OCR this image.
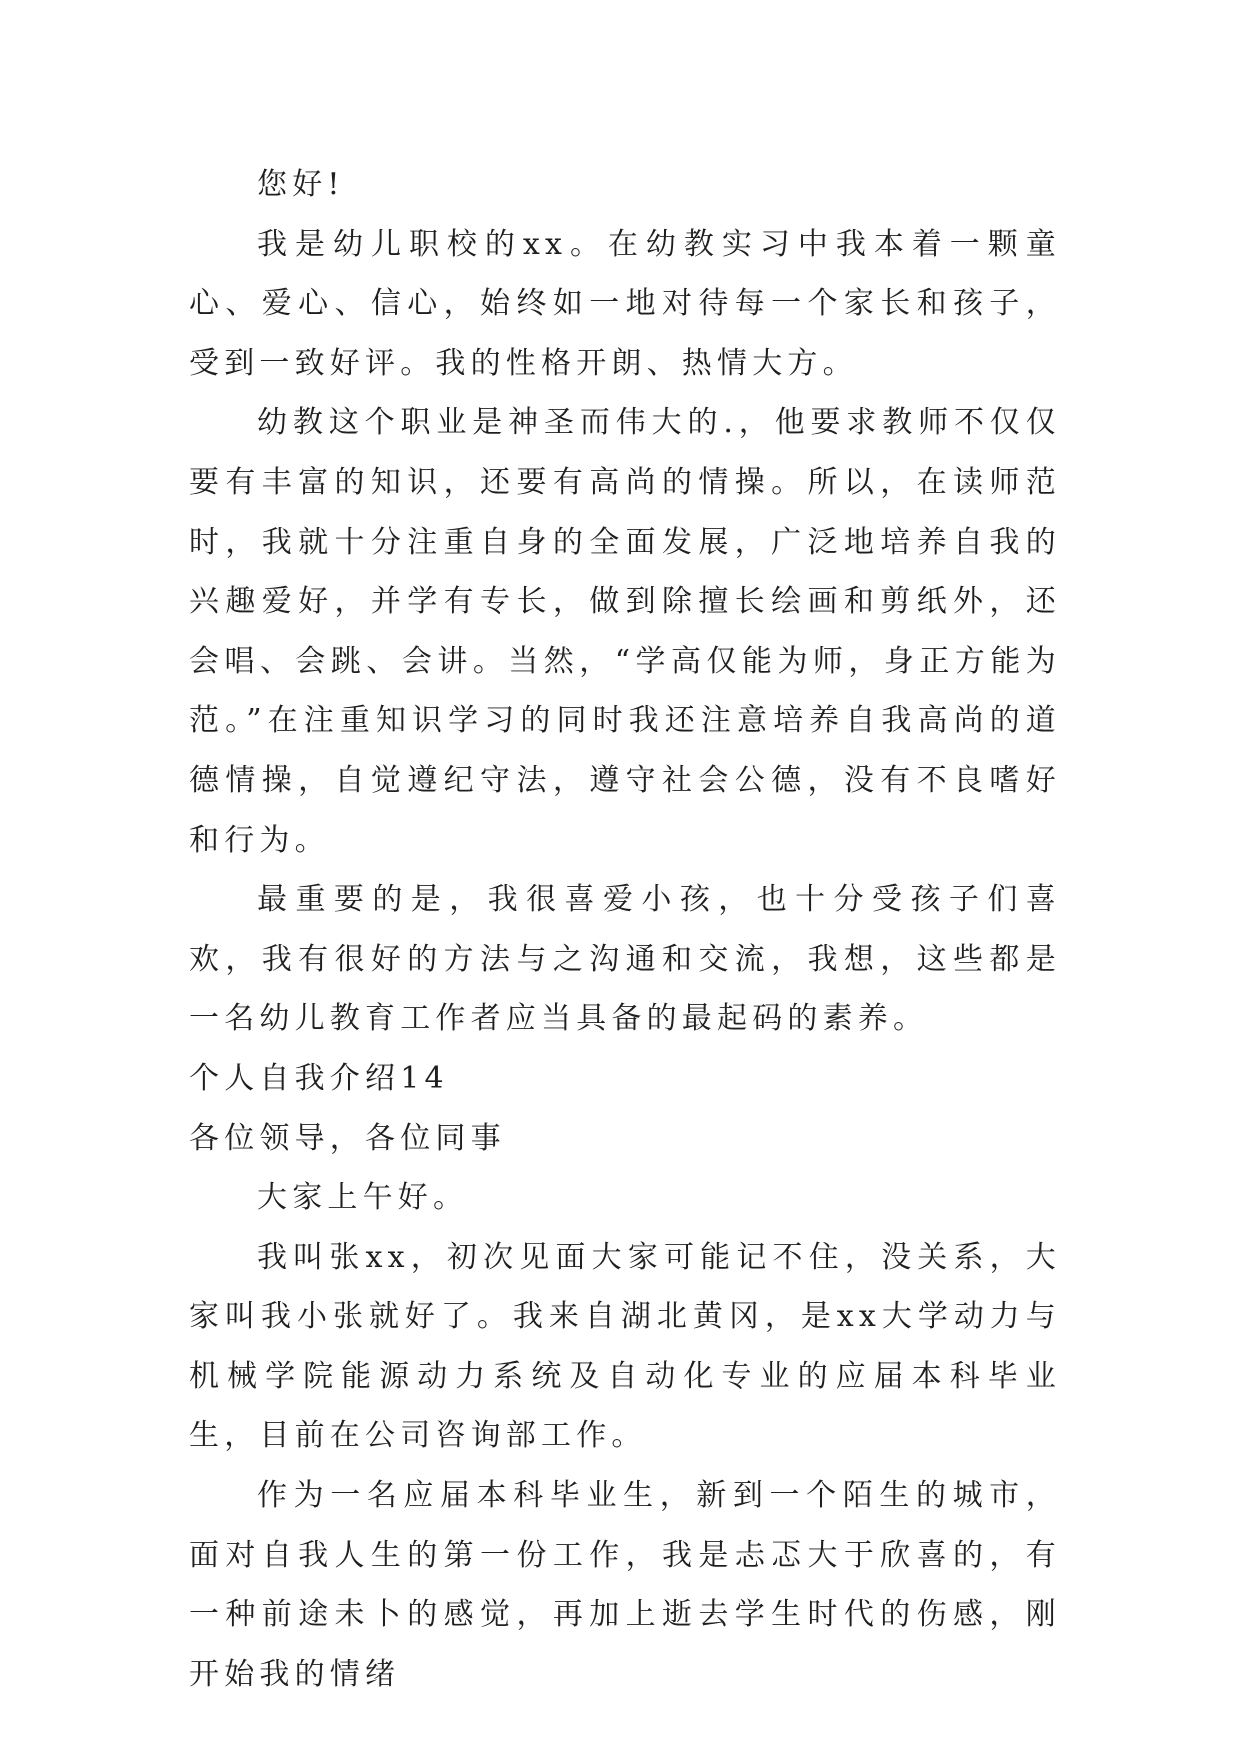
您好!

我是幼儿职校的xx。在幼教实习中我本着一颗童心、爱心、信心，始终如一地对待每一个家长和孩子，受到一致好评。我的性格开朗、热情大方。

幼教这个职业是神圣而伟大的.，他要求教师不仅仅要有丰富的知识，还要有高尚的情操。所以，在读师范时，我就十分注重自身的全面发展，广泛地培养自我的兴趣爱好，并学有专长，做到除擅长绘画和剪纸外，还会唱、会跳、会讲。当然，“学高仅能为师，身正方能为范。”在注重知识学习的同时我还注意培养自我高尚的道德情操，自觉遵纪守法，遵守社会公德，没有不良嗜好和行为。

最重要的是，我很喜爱小孩，也十分受孩子们喜欢，我有很好的方法与之沟通和交流，我想，这些都是一名幼儿教育工作者应当具备的最起码的素养。

个人自我介绍14

各位领导，各位同事

大家上午好。

我叫张xx，初次见面大家可能记不住，没关系，大家叫我小张就好了。我来自湖北黄冈，是xx大学动力与机械学院能源动力系统及自动化专业的应届本科毕业生，目前在公司咨询部工作。

作为一名应届本科毕业生，新到一个陌生的城市，面对自我人生的第一份工作，我是忐忑大于欣喜的，有一种前途未卜的感觉，再加上逝去学生时代的伤感，刚开始我的情绪
